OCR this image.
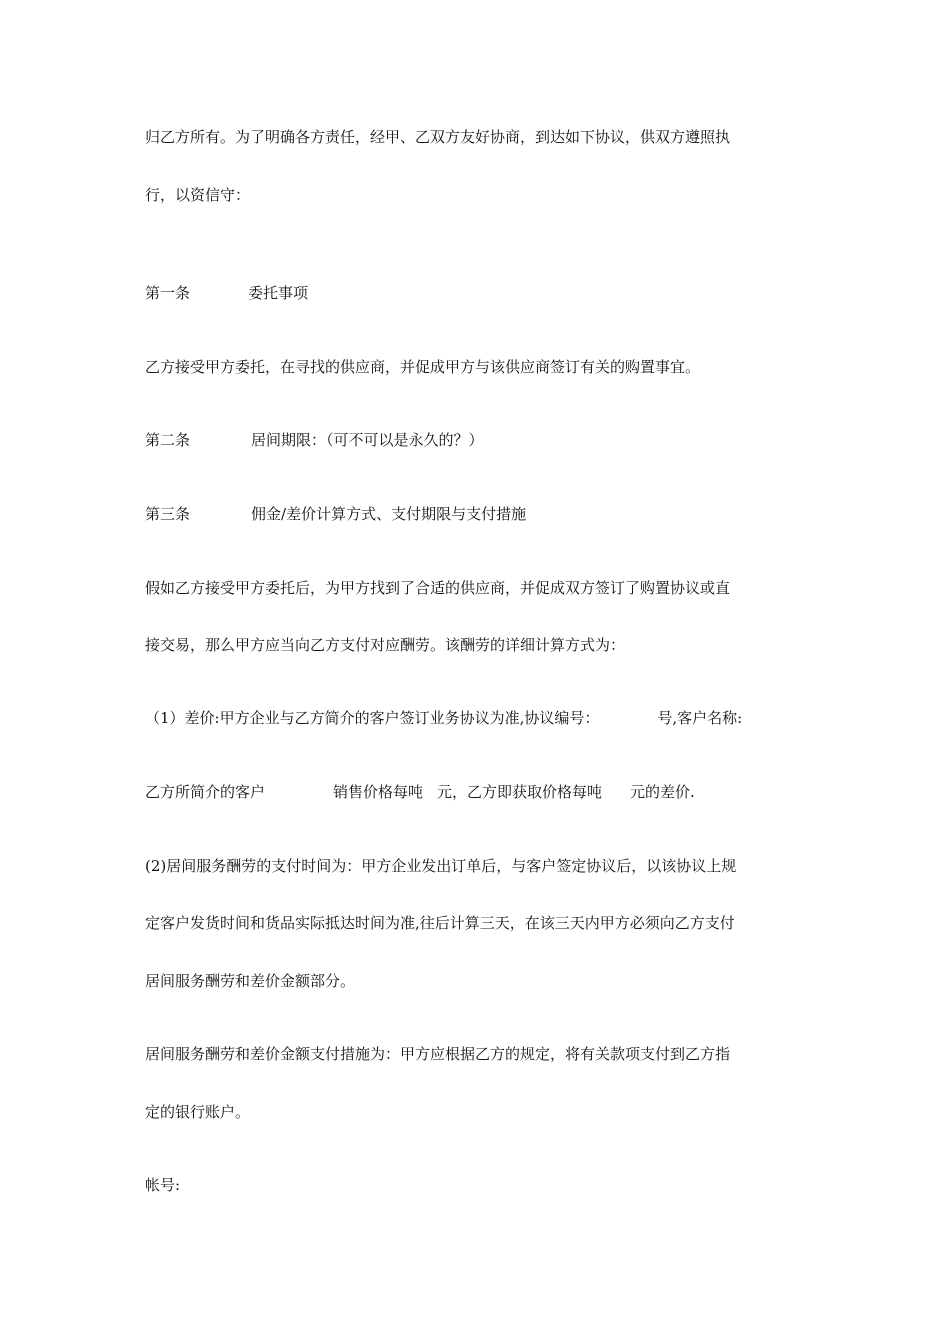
归乙方所有。为了明确各方责任，经甲、乙双方友好协商，到达如下协议，供双方遵照执
行，以资信守：
第一条	委托事项
乙方接受甲方委托，在寻找的供应商，并促成甲方与该供应商签订有关的购置事宜。
第二条	居间期限：（可不可以是永久的？）
第三条	佣金/差价计算方式、支付期限与支付措施
假如乙方接受甲方委托后，为甲方找到了合适的供应商，并促成双方签订了购置协议或直
接交易，那么甲方应当向乙方支付对应酬劳。该酬劳的详细计算方式为：
（1）差价:甲方企业与乙方简介的客户签订业务协议为准,协议编号：	号,客户名称:
乙方所简介的客户	销售价格每吨 元，乙方即获取价格每吨 元的差价.
(2)居间服务酬劳的支付时间为：甲方企业发出订单后，与客户签定协议后，以该协议上规
定客户发货时间和货品实际抵达时间为准,往后计算三天，在该三天内甲方必须向乙方支付
居间服务酬劳和差价金额部分。
居间服务酬劳和差价金额支付措施为：甲方应根据乙方的规定，将有关款项支付到乙方指
定的银行账户。
帐号:
